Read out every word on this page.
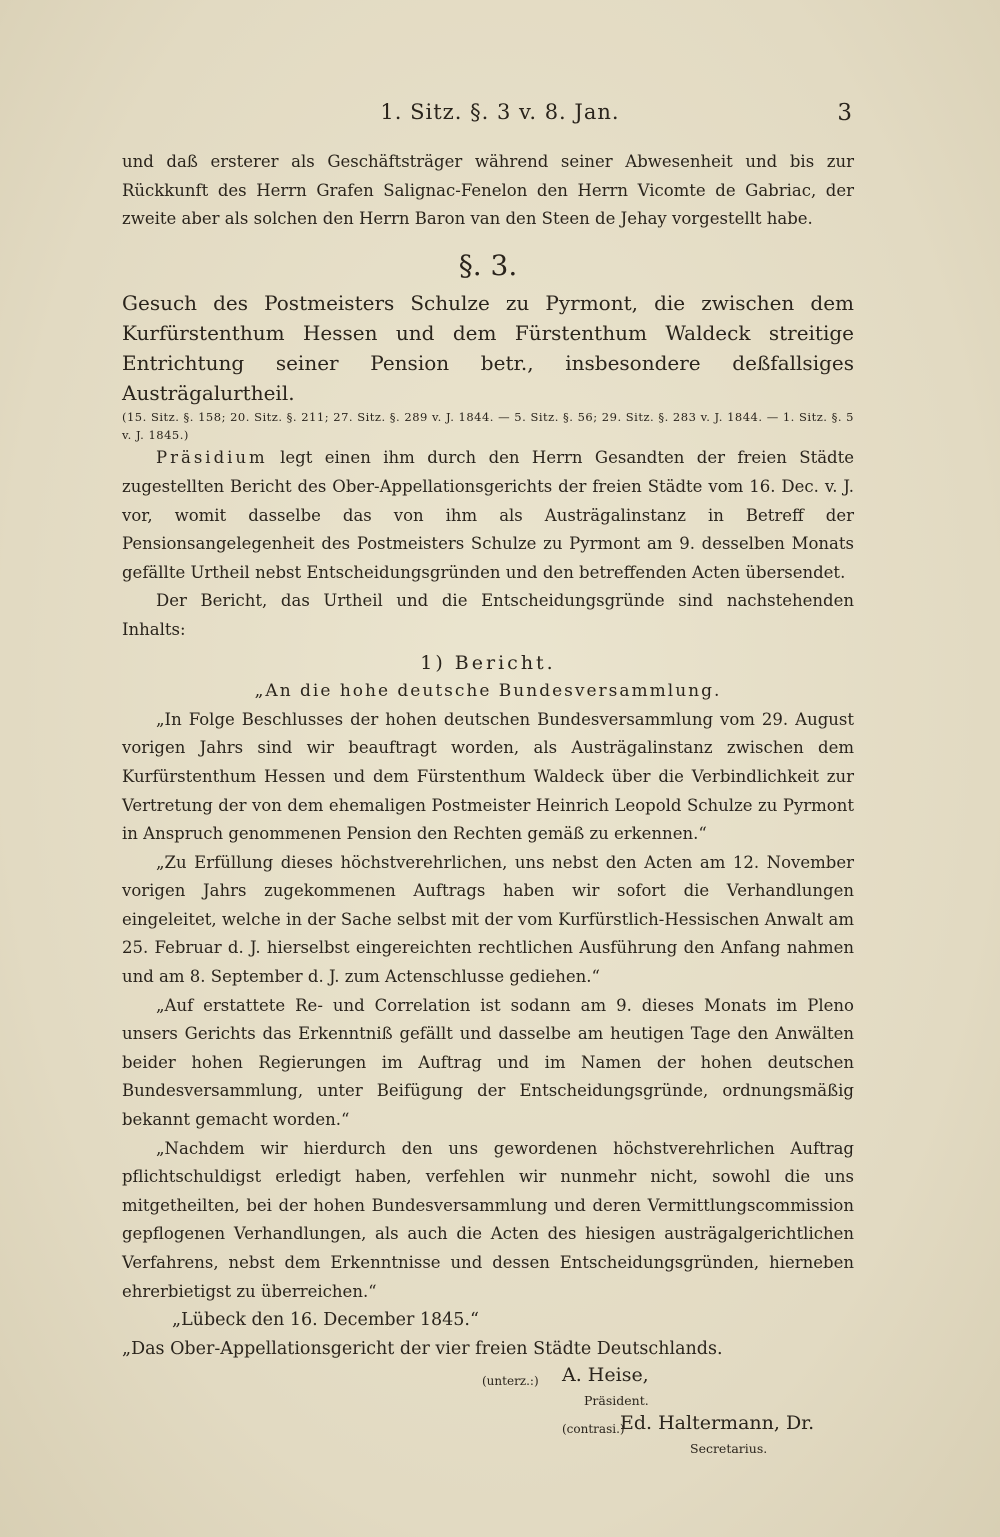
1. Sitz. §. 3 v. 8. Jan.	3

und daß ersterer als Geschäftsträger während seiner Abwesenheit und bis zur Rückkunft des Herrn Grafen Salignac-Fenelon den Herrn Vicomte de Gabriac, der zweite aber als solchen den Herrn Baron van den Steen de Jehay vorgestellt habe.

§. 3.

Gesuch des Postmeisters Schulze zu Pyrmont, die zwischen dem Kurfürstenthum Hessen und dem Fürstenthum Waldeck streitige Entrichtung seiner Pension betr., insbesondere deßfallsiges Austrägalurtheil.

(15. Sitz. §. 158; 20. Sitz. §. 211; 27. Sitz. §. 289 v. J. 1844. — 5. Sitz. §. 56; 29. Sitz. §. 283 v. J. 1844. — 1. Sitz. §. 5 v. J. 1845.)

Präsidium legt einen ihm durch den Herrn Gesandten der freien Städte zugestellten Bericht des Ober-Appellationsgerichts der freien Städte vom 16. Dec. v. J. vor, womit dasselbe das von ihm als Austrägalinstanz in Betreff der Pensionsangelegenheit des Postmeisters Schulze zu Pyrmont am 9. desselben Monats gefällte Urtheil nebst Entscheidungsgründen und den betreffenden Acten übersendet.

Der Bericht, das Urtheil und die Entscheidungsgründe sind nachstehenden Inhalts:

1) Bericht.
„An die hohe deutsche Bundesversammlung.

„In Folge Beschlusses der hohen deutschen Bundesversammlung vom 29. August vorigen Jahrs sind wir beauftragt worden, als Austrägalinstanz zwischen dem Kurfürstenthum Hessen und dem Fürstenthum Waldeck über die Verbindlichkeit zur Vertretung der von dem ehemaligen Postmeister Heinrich Leopold Schulze zu Pyrmont in Anspruch genommenen Pension den Rechten gemäß zu erkennen.“

„Zu Erfüllung dieses höchstverehrlichen, uns nebst den Acten am 12. November vorigen Jahrs zugekommenen Auftrags haben wir sofort die Verhandlungen eingeleitet, welche in der Sache selbst mit der vom Kurfürstlich-Hessischen Anwalt am 25. Februar d. J. hierselbst eingereichten rechtlichen Ausführung den Anfang nahmen und am 8. September d. J. zum Actenschlusse gediehen.“

„Auf erstattete Re- und Correlation ist sodann am 9. dieses Monats im Pleno unsers Gerichts das Erkenntniß gefällt und dasselbe am heutigen Tage den Anwälten beider hohen Regierungen im Auftrag und im Namen der hohen deutschen Bundesversammlung, unter Beifügung der Entscheidungsgründe, ordnungsmäßig bekannt gemacht worden.“

„Nachdem wir hierdurch den uns gewordenen höchstverehrlichen Auftrag pflichtschuldigst erledigt haben, verfehlen wir nunmehr nicht, sowohl die uns mitgetheilten, bei der hohen Bundesversammlung und deren Vermittlungscommission gepflogenen Verhandlungen, als auch die Acten des hiesigen austrägalgerichtlichen Verfahrens, nebst dem Erkenntnisse und dessen Entscheidungsgründen, hierneben ehrerbietigst zu überreichen.“

„Lübeck den 16. December 1845.“

„Das Ober-Appellationsgericht der vier freien Städte Deutschlands.

(unterz.:) A. Heise,
Präsident.
(contrasi.)
Ed. Haltermann, Dr.
Secretarius.
